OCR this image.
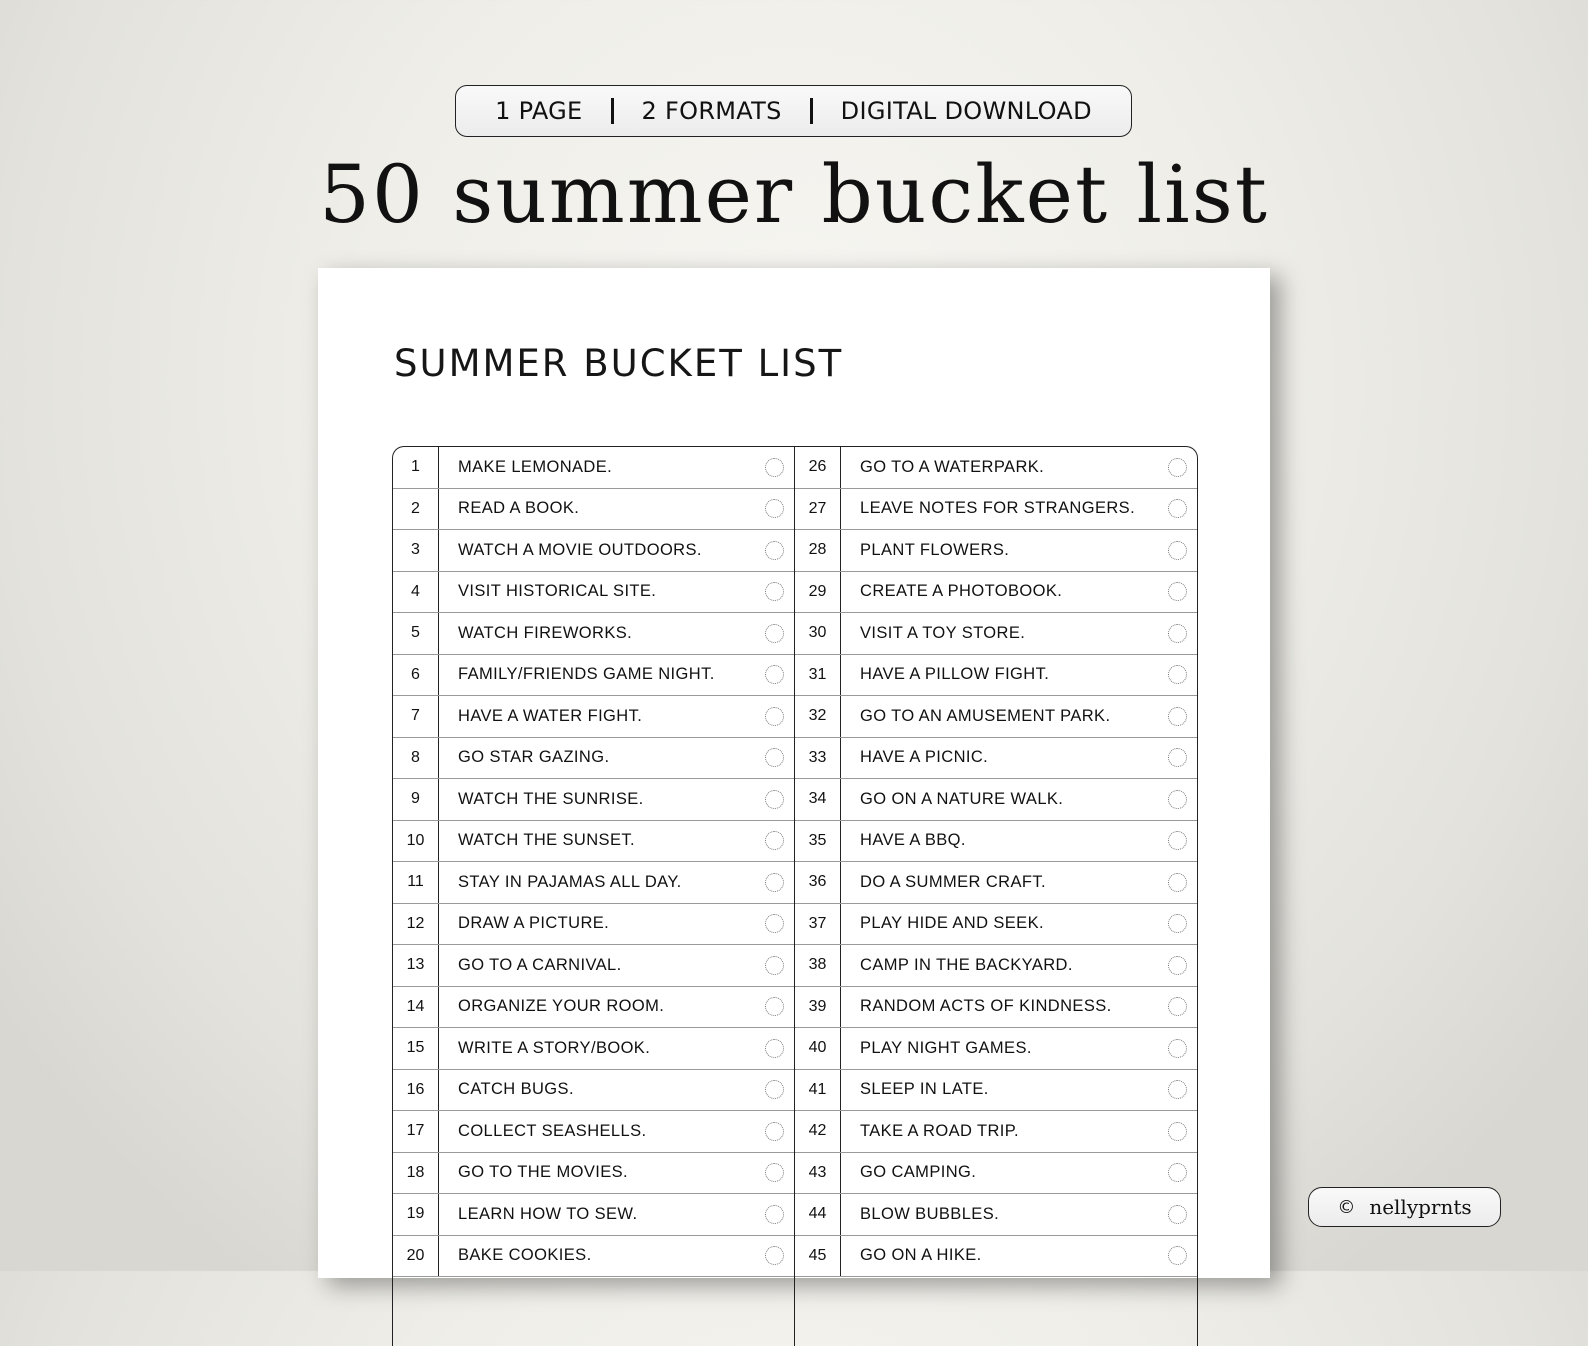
1 PAGE 2 FORMATS DIGITAL DOWNLOAD
50 summer bucket list
SUMMER BUCKET LIST
1	MAKE LEMONADE.
2	READ A BOOK.
3	WATCH A MOVIE OUTDOORS.
4	VISIT HISTORICAL SITE.
5	WATCH FIREWORKS.
6	FAMILY/FRIENDS GAME NIGHT.
7	HAVE A WATER FIGHT.
8	GO STAR GAZING.
9	WATCH THE SUNRISE.
10	WATCH THE SUNSET.
11	STAY IN PAJAMAS ALL DAY.
12	DRAW A PICTURE.
13	GO TO A CARNIVAL.
14	ORGANIZE YOUR ROOM.
15	WRITE A STORY/BOOK.
16	CATCH BUGS.
17	COLLECT SEASHELLS.
18	GO TO THE MOVIES.
19	LEARN HOW TO SEW.
20	BAKE COOKIES.
26	GO TO A WATERPARK.
27	LEAVE NOTES FOR STRANGERS.
28	PLANT FLOWERS.
29	CREATE A PHOTOBOOK.
30	VISIT A TOY STORE.
31	HAVE A PILLOW FIGHT.
32	GO TO AN AMUSEMENT PARK.
33	HAVE A PICNIC.
34	GO ON A NATURE WALK.
35	HAVE A BBQ.
36	DO A SUMMER CRAFT.
37	PLAY HIDE AND SEEK.
38	CAMP IN THE BACKYARD.
39	RANDOM ACTS OF KINDNESS.
40	PLAY NIGHT GAMES.
41	SLEEP IN LATE.
42	TAKE A ROAD TRIP.
43	GO CAMPING.
44	BLOW BUBBLES.
45	GO ON A HIKE.
© nellyprnts
